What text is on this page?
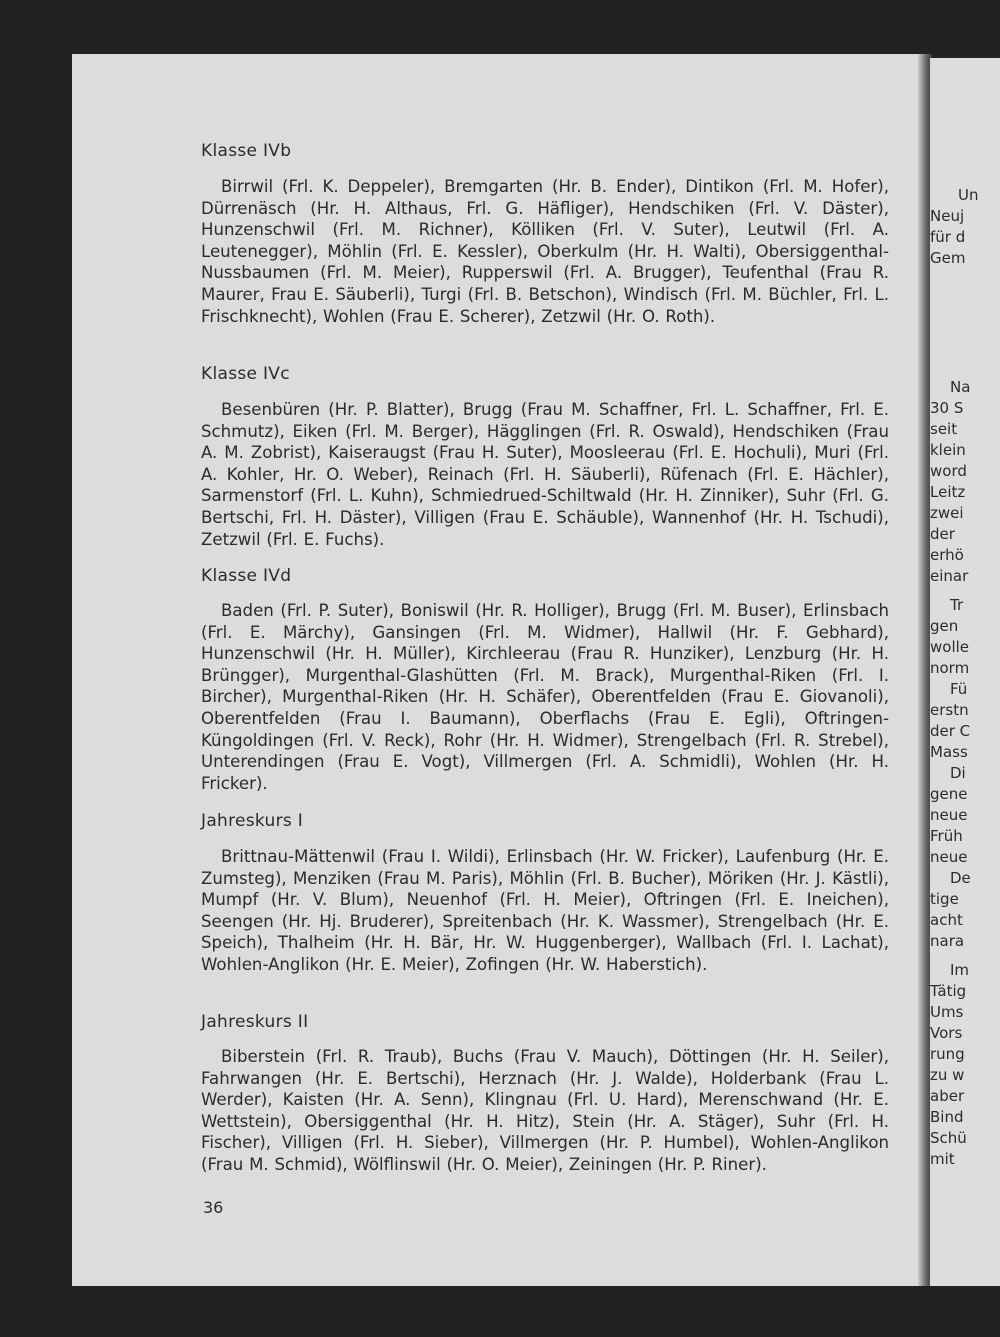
Un
Neuj
für d
Gem
Na
30 S
seit
klein
word
Leitz
zwei
der
erhö
einar
Tr
gen
wolle
norm
Fü
erstn
der C
Mass
Di
gene
neue
Früh
neue
De
tige
acht
nara
Im
Tätig
Ums
Vors
rung
zu w
aber
Bind
Schü
mit
Klasse IVb
Birrwil (Frl. K. Deppeler), Bremgarten (Hr. B. Ender), Dintikon (Frl. M. Hofer), Dürrenäsch (Hr. H. Althaus, Frl. G. Häfliger), Hendschiken (Frl. V. Däster), Hunzenschwil (Frl. M. Richner), Kölliken (Frl. V. Suter), Leutwil (Frl. A. Leutenegger), Möhlin (Frl. E. Kessler), Oberkulm (Hr. H. Walti), Obersiggenthal-Nussbaumen (Frl. M. Meier), Rupperswil (Frl. A. Brugger), Teufenthal (Frau R. Maurer, Frau E. Säuberli), Turgi (Frl. B. Betschon), Windisch (Frl. M. Büchler, Frl. L. Frischknecht), Wohlen (Frau E. Scherer), Zetzwil (Hr. O. Roth).
Klasse IVc
Besenbüren (Hr. P. Blatter), Brugg (Frau M. Schaffner, Frl. L. Schaffner, Frl. E. Schmutz), Eiken (Frl. M. Berger), Hägglingen (Frl. R. Oswald), Hendschiken (Frau A. M. Zobrist), Kaiseraugst (Frau H. Suter), Moosleerau (Frl. E. Hochuli), Muri (Frl. A. Kohler, Hr. O. Weber), Reinach (Frl. H. Säuberli), Rüfenach (Frl. E. Hächler), Sarmenstorf (Frl. L. Kuhn), Schmiedrued-Schiltwald (Hr. H. Zinniker), Suhr (Frl. G. Bertschi, Frl. H. Däster), Villigen (Frau E. Schäuble), Wannenhof (Hr. H. Tschudi), Zetzwil (Frl. E. Fuchs).
Klasse IVd
Baden (Frl. P. Suter), Boniswil (Hr. R. Holliger), Brugg (Frl. M. Buser), Erlinsbach (Frl. E. Märchy), Gansingen (Frl. M. Widmer), Hallwil (Hr. F. Gebhard), Hunzenschwil (Hr. H. Müller), Kirchleerau (Frau R. Hunziker), Lenzburg (Hr. H. Brüngger), Murgenthal-Glashütten (Frl. M. Brack), Murgenthal-Riken (Frl. I. Bircher), Murgenthal-Riken (Hr. H. Schäfer), Oberentfelden (Frau E. Giovanoli), Oberentfelden (Frau I. Baumann), Oberflachs (Frau E. Egli), Oftringen-Küngoldingen (Frl. V. Reck), Rohr (Hr. H. Widmer), Strengelbach (Frl. R. Strebel), Unterendingen (Frau E. Vogt), Villmergen (Frl. A. Schmidli), Wohlen (Hr. H. Fricker).
Jahreskurs I
Brittnau-Mättenwil (Frau I. Wildi), Erlinsbach (Hr. W. Fricker), Laufenburg (Hr. E. Zumsteg), Menziken (Frau M. Paris), Möhlin (Frl. B. Bucher), Möriken (Hr. J. Kästli), Mumpf (Hr. V. Blum), Neuenhof (Frl. H. Meier), Oftringen (Frl. E. Ineichen), Seengen (Hr. Hj. Bruderer), Spreitenbach (Hr. K. Wassmer), Strengelbach (Hr. E. Speich), Thalheim (Hr. H. Bär, Hr. W. Huggenberger), Wallbach (Frl. I. Lachat), Wohlen-Anglikon (Hr. E. Meier), Zofingen (Hr. W. Haberstich).
Jahreskurs II
Biberstein (Frl. R. Traub), Buchs (Frau V. Mauch), Döttingen (Hr. H. Seiler), Fahrwangen (Hr. E. Bertschi), Herznach (Hr. J. Walde), Holderbank (Frau L. Werder), Kaisten (Hr. A. Senn), Klingnau (Frl. U. Hard), Merenschwand (Hr. E. Wettstein), Obersiggenthal (Hr. H. Hitz), Stein (Hr. A. Stäger), Suhr (Frl. H. Fischer), Villigen (Frl. H. Sieber), Villmergen (Hr. P. Humbel), Wohlen-Anglikon (Frau M. Schmid), Wölflinswil (Hr. O. Meier), Zeiningen (Hr. P. Riner).
36
